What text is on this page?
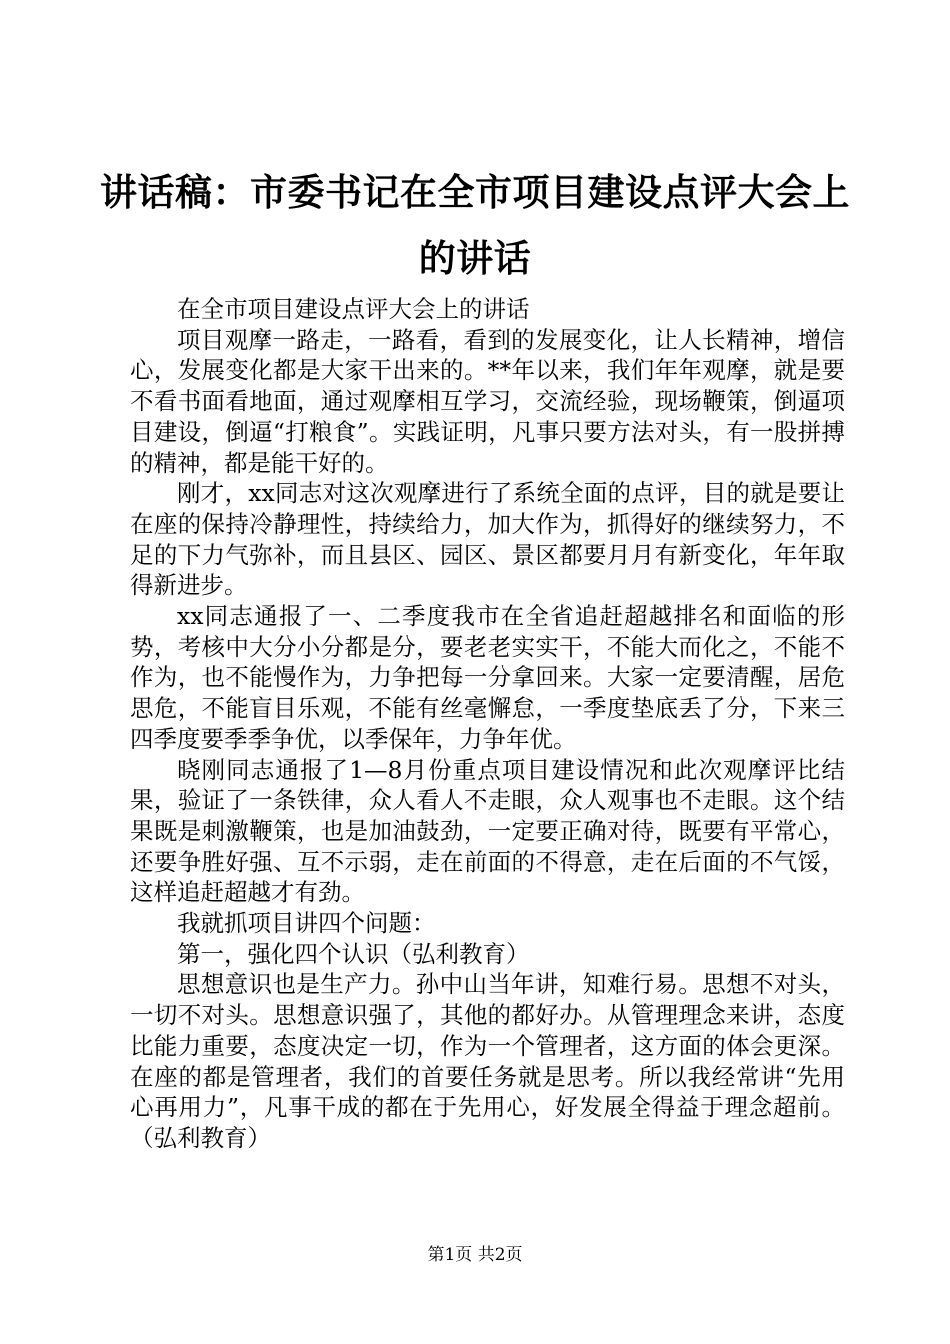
讲话稿：市委书记在全市项目建设点评大会上的讲话

在全市项目建设点评大会上的讲话

项目观摩一路走，一路看，看到的发展变化，让人长精神，增信心，发展变化都是大家干出来的。**年以来，我们年年观摩，就是要不看书面看地面，通过观摩相互学习，交流经验，现场鞭策，倒逼项目建设，倒逼“打粮食”。实践证明，凡事只要方法对头，有一股拼搏的精神，都是能干好的。

刚才，xx同志对这次观摩进行了系统全面的点评，目的就是要让在座的保持冷静理性，持续给力，加大作为，抓得好的继续努力，不足的下力气弥补，而且县区、园区、景区都要月月有新变化，年年取得新进步。

xx同志通报了一、二季度我市在全省追赶超越排名和面临的形势，考核中大分小分都是分，要老老实实干，不能大而化之，不能不作为，也不能慢作为，力争把每一分拿回来。大家一定要清醒，居危思危，不能盲目乐观，不能有丝毫懈怠，一季度垫底丢了分，下来三四季度要季季争优，以季保年，力争年优。

晓刚同志通报了1—8月份重点项目建设情况和此次观摩评比结果，验证了一条铁律，众人看人不走眼，众人观事也不走眼。这个结果既是刺激鞭策，也是加油鼓劲，一定要正确对待，既要有平常心，还要争胜好强、互不示弱，走在前面的不得意，走在后面的不气馁，这样追赶超越才有劲。

我就抓项目讲四个问题：

第一，强化四个认识（弘利教育）

思想意识也是生产力。孙中山当年讲，知难行易。思想不对头，一切不对头。思想意识强了，其他的都好办。从管理理念来讲，态度比能力重要，态度决定一切，作为一个管理者，这方面的体会更深。在座的都是管理者，我们的首要任务就是思考。所以我经常讲“先用心再用力”，凡事干成的都在于先用心，好发展全得益于理念超前。（弘利教育）

第1页 共2页
